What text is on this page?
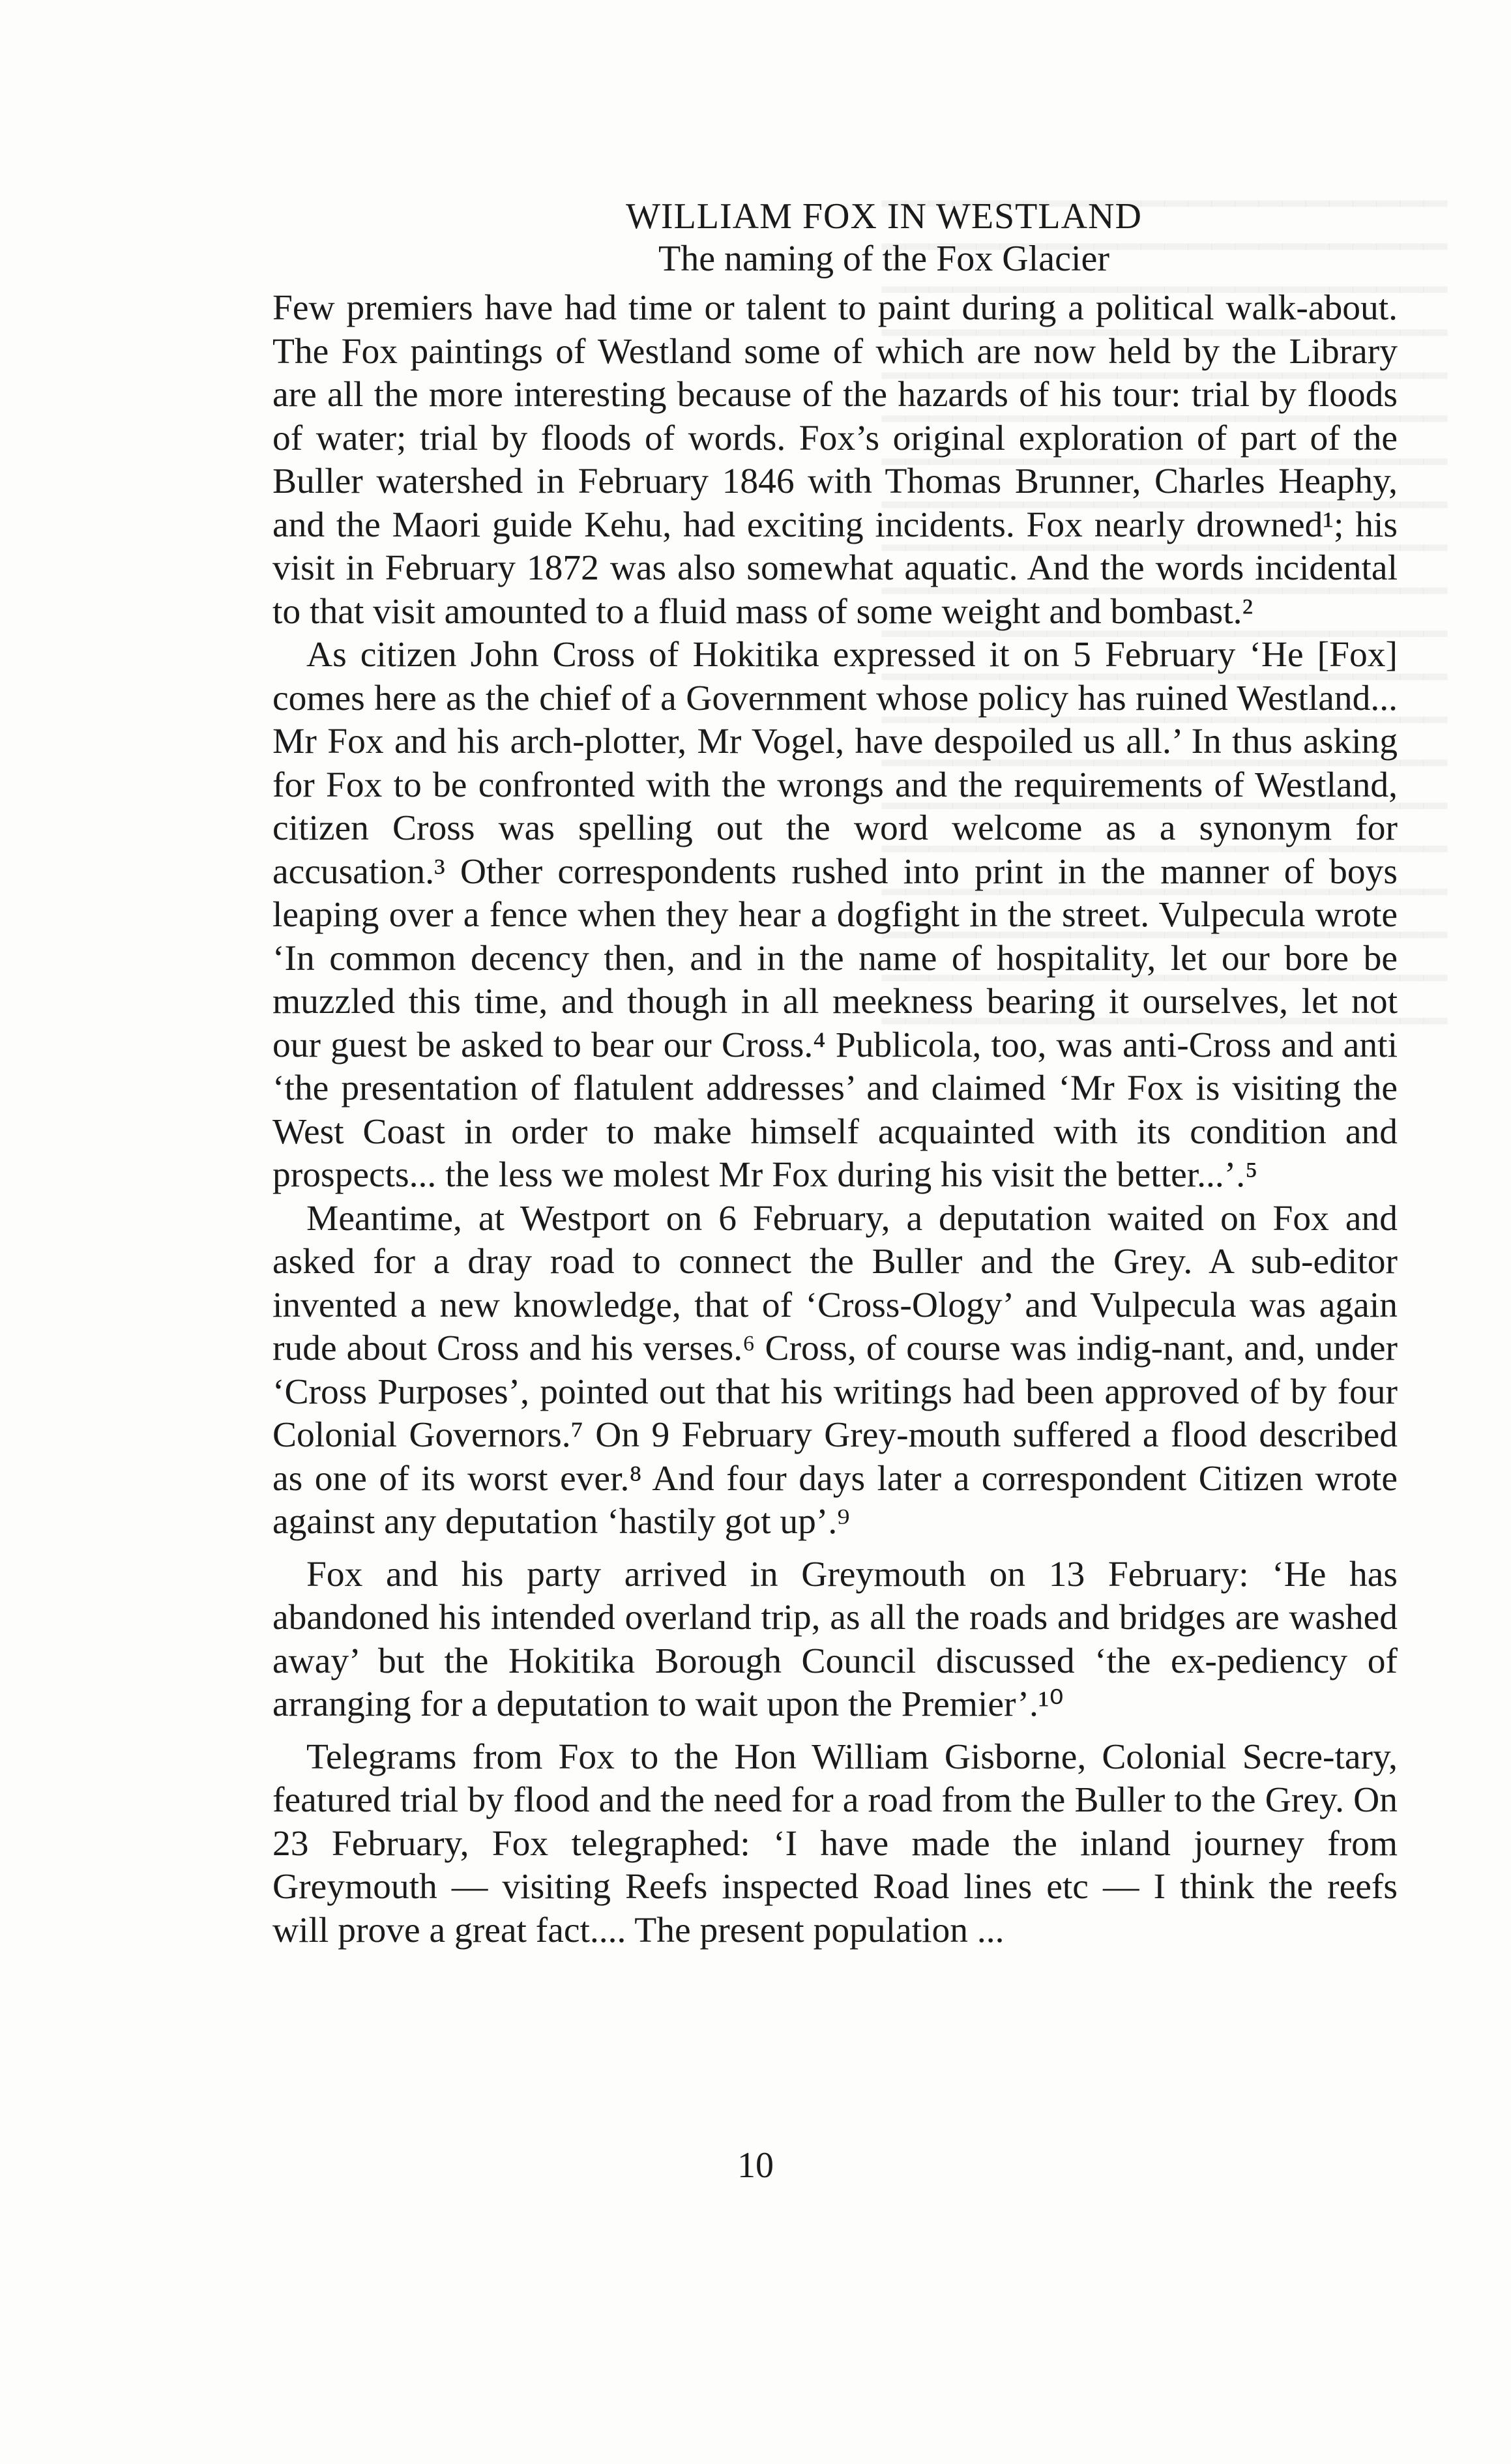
WILLIAM FOX IN WESTLAND
The naming of the Fox Glacier

Few premiers have had time or talent to paint during a political walk-about. The Fox paintings of Westland some of which are now held by the Library are all the more interesting because of the hazards of his tour: trial by floods of water; trial by floods of words. Fox’s original exploration of part of the Buller watershed in February 1846 with Thomas Brunner, Charles Heaphy, and the Maori guide Kehu, had exciting incidents. Fox nearly drowned¹; his visit in February 1872 was also somewhat aquatic. And the words incidental to that visit amounted to a fluid mass of some weight and bombast.²

As citizen John Cross of Hokitika expressed it on 5 February ‘He [Fox] comes here as the chief of a Government whose policy has ruined Westland... Mr Fox and his arch-plotter, Mr Vogel, have despoiled us all.’ In thus asking for Fox to be confronted with the wrongs and the requirements of Westland, citizen Cross was spelling out the word welcome as a synonym for accusation.³ Other correspondents rushed into print in the manner of boys leaping over a fence when they hear a dogfight in the street. Vulpecula wrote ‘In common decency then, and in the name of hospitality, let our bore be muzzled this time, and though in all meekness bearing it ourselves, let not our guest be asked to bear our Cross.⁴ Publicola, too, was anti-Cross and anti ‘the presentation of flatulent addresses’ and claimed ‘Mr Fox is visiting the West Coast in order to make himself acquainted with its condition and prospects... the less we molest Mr Fox during his visit the better...’.⁵

Meantime, at Westport on 6 February, a deputation waited on Fox and asked for a dray road to connect the Buller and the Grey. A sub-editor invented a new knowledge, that of ‘Cross-Ology’ and Vulpecula was again rude about Cross and his verses.⁶ Cross, of course was indig-nant, and, under ‘Cross Purposes’, pointed out that his writings had been approved of by four Colonial Governors.⁷ On 9 February Grey-mouth suffered a flood described as one of its worst ever.⁸ And four days later a correspondent Citizen wrote against any deputation ‘hastily got up’.⁹

Fox and his party arrived in Greymouth on 13 February: ‘He has abandoned his intended overland trip, as all the roads and bridges are washed away’ but the Hokitika Borough Council discussed ‘the ex-pediency of arranging for a deputation to wait upon the Premier’.¹⁰

Telegrams from Fox to the Hon William Gisborne, Colonial Secre-tary, featured trial by flood and the need for a road from the Buller to the Grey. On 23 February, Fox telegraphed: ‘I have made the inland journey from Greymouth — visiting Reefs inspected Road lines etc — I think the reefs will prove a great fact.... The present population ...

10
